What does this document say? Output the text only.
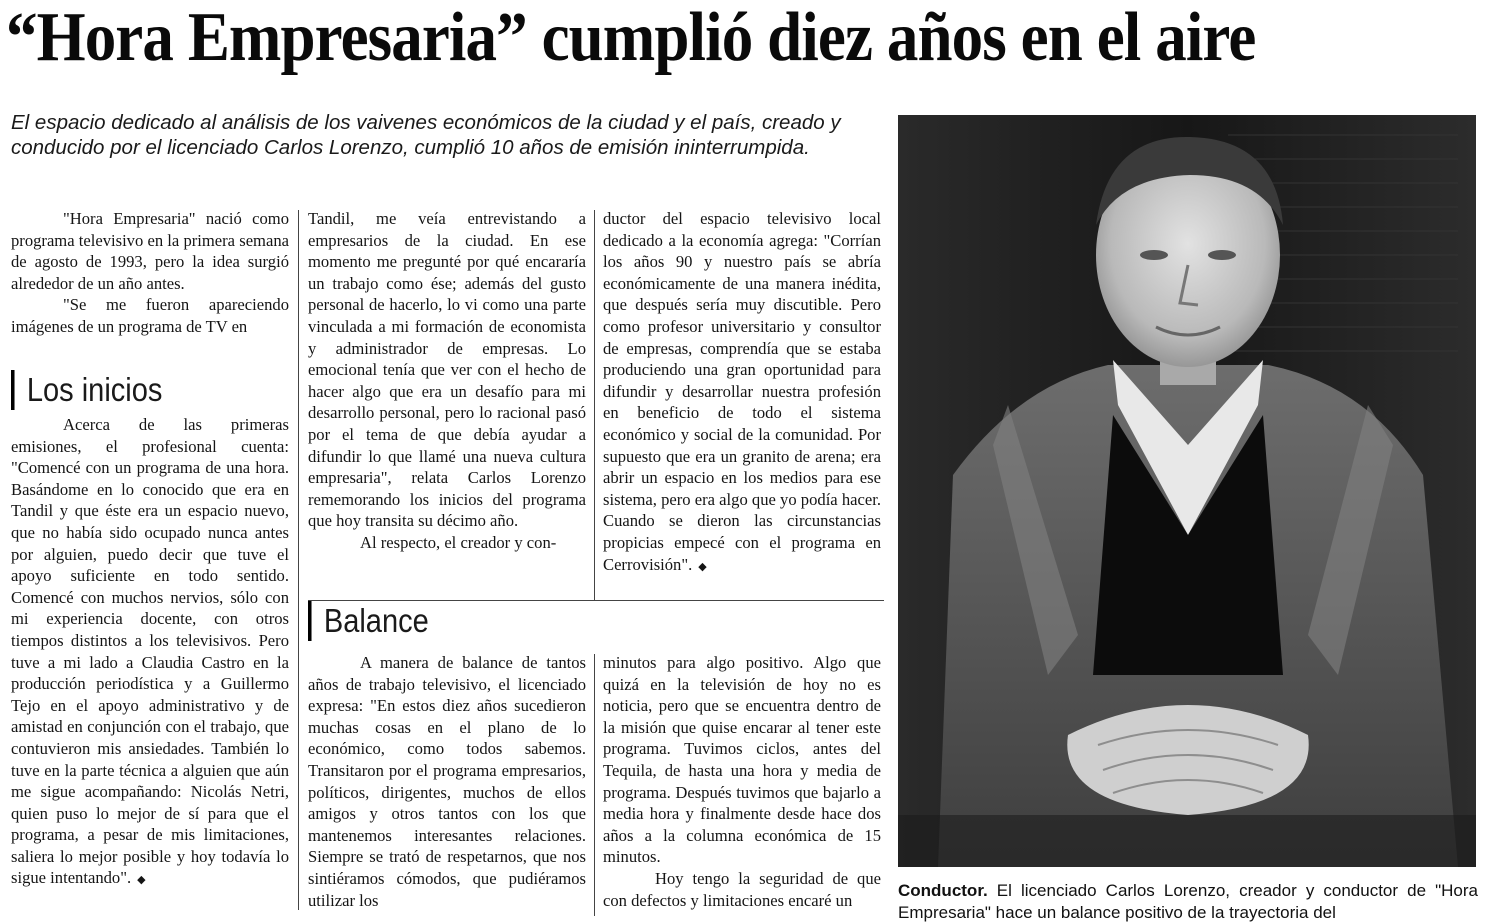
“Hora Empresaria” cumplió diez años en el aire

El espacio dedicado al análisis de los vaivenes económicos de la ciudad y el país, creado y conducido por el licenciado Carlos Lorenzo, cumplió 10 años de emisión ininterrumpida.

"Hora Empresaria" nació como programa televisivo en la primera semana de agosto de 1993, pero la idea surgió alrededor de un año antes.

"Se me fueron apareciendo imágenes de un programa de TV en

Los inicios

Acerca de las primeras emisiones, el profesional cuenta: "Comencé con un programa de una hora. Basándome en lo conocido que era en Tandil y que éste era un espacio nuevo, que no había sido ocupado nunca antes por alguien, puedo decir que tuve el apoyo suficiente en todo sentido. Comencé con muchos nervios, sólo con mi experiencia docente, con otros tiempos distintos a los televisivos. Pero tuve a mi lado a Claudia Castro en la producción periodística y a Guillermo Tejo en el apoyo administrativo y de amistad en conjunción con el trabajo, que contuvieron mis ansiedades. También lo tuve en la parte técnica a alguien que aún me sigue acompañando: Nicolás Netri, quien puso lo mejor de sí para que el programa, a pesar de mis limitaciones, saliera lo mejor posible y hoy todavía lo sigue intentando". ◆

Tandil, me veía entrevistando a empresarios de la ciudad. En ese momento me pregunté por qué encararía un trabajo como ése; además del gusto personal de hacerlo, lo vi como una parte vinculada a mi formación de economista y administrador de empresas. Lo emocional tenía que ver con el hecho de hacer algo que era un desafío para mi desarrollo personal, pero lo racional pasó por el tema de que debía ayudar a difundir lo que llamé una nueva cultura empresaria", relata Carlos Lorenzo rememorando los inicios del programa que hoy transita su décimo año.

Al respecto, el creador y con-

ductor del espacio televisivo local dedicado a la economía agrega: "Corrían los años 90 y nuestro país se abría económicamente de una manera inédita, que después sería muy discutible. Pero como profesor universitario y consultor de empresas, comprendía que se estaba produciendo una gran oportunidad para difundir y desarrollar nuestra profesión en beneficio de todo el sistema económico y social de la comunidad. Por supuesto que era un granito de arena; era abrir un espacio en los medios para ese sistema, pero era algo que yo podía hacer. Cuando se dieron las circunstancias propicias empecé con el programa en Cerrovisión". ◆

Balance

A manera de balance de tantos años de trabajo televisivo, el licenciado expresa: "En estos diez años sucedieron muchas cosas en el plano de lo económico, como todos sabemos. Transitaron por el programa empresarios, políticos, dirigentes, muchos de ellos amigos y otros tantos con los que mantenemos interesantes relaciones. Siempre se trató de respetarnos, que nos sintiéramos cómodos, que pudiéramos utilizar los

minutos para algo positivo. Algo que quizá en la televisión de hoy no es noticia, pero que se encuentra dentro de la misión que quise encarar al tener este programa. Tuvimos ciclos, antes del Tequila, de hasta una hora y media de programa. Después tuvimos que bajarlo a media hora y finalmente desde hace dos años a la columna económica de 15 minutos.

Hoy tengo la seguridad de que con defectos y limitaciones encaré un

Conductor. El licenciado Carlos Lorenzo, creador y conductor de "Hora Empresaria" hace un balance positivo de la trayectoria del
